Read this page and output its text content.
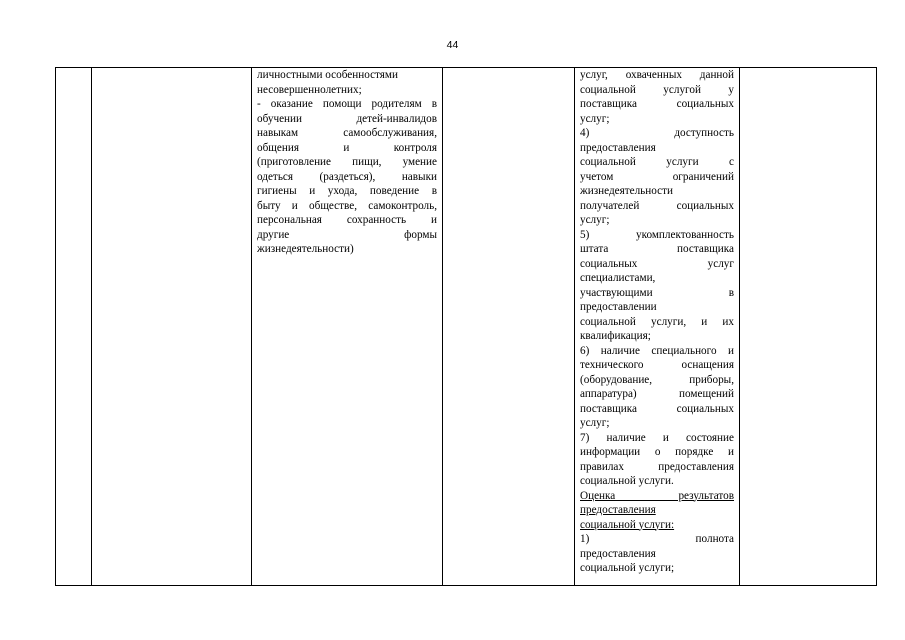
44
личностными особенностями
несовершеннолетних;
- оказание помощи родителям в
обучении детей-инвалидов
навыкам самообслуживания,
общения и контроля
(приготовление пищи, умение
одеться (раздеться), навыки
гигиены и ухода, поведение в
быту и обществе, самоконтроль,
персональная сохранность и
другие формы
жизнедеятельности)
услуг, охваченных данной
социальной услугой у
поставщика социальных
услуг;
4) доступность
предоставления
социальной услуги с
учетом ограничений
жизнедеятельности
получателей социальных
услуг;
5) укомплектованность
штата поставщика
социальных услуг
специалистами,
участвующими в
предоставлении
социальной услуги, и их
квалификация;
6) наличие специального и
технического оснащения
(оборудование, приборы,
аппаратура) помещений
поставщика социальных
услуг;
7) наличие и состояние
информации о порядке и
правилах предоставления
социальной услуги.
Оценка результатов
предоставления
социальной услуги:
1) полнота
предоставления
социальной услуги;
